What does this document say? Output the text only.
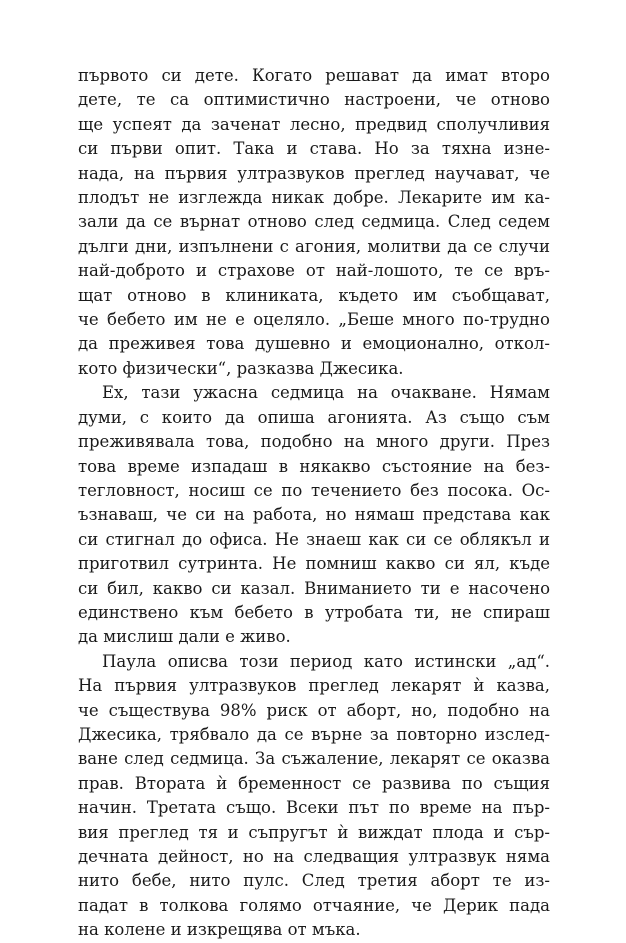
първото си дете. Когато решават да имат второ
дете, те са оптимистично настроени, че отново
ще успеят да заченат лесно, предвид сполучливия
си първи опит. Така и става. Но за тяхна изне-
нада, на първия ултразвуков преглед научават, че
плодът не изглежда никак добре. Лекарите им ка-
зали да се върнат отново след седмица. След седем
дълги дни, изпълнени с агония, молитви да се случи
най-доброто и страхове от най-лошото, те се връ-
щат отново в клиниката, където им съобщават,
че бебето им не е оцеляло. „Беше много по-трудно
да преживея това душевно и емоционално, откол-
кото физически“, разказва Джесика.
Ех, тази ужасна седмица на очакване. Нямам
думи, с които да опиша агонията. Аз също съм
преживявала това, подобно на много други. През
това време изпадаш в някакво състояние на без-
тегловност, носиш се по течението без посока. Ос-
ъзнаваш, че си на работа, но нямаш представа как
си стигнал до офиса. Не знаеш как си се облякъл и
приготвил сутринта. Не помниш какво си ял, къде
си бил, какво си казал. Вниманието ти е насочено
единствено към бебето в утробата ти, не спираш
да мислиш дали е живо.
Паула описва този период като истински „ад“.
На първия ултразвуков преглед лекарят ѝ казва,
че съществува 98% риск от аборт, но, подобно на
Джесика, трябвало да се върне за повторно изслед-
ване след седмица. За съжаление, лекарят се оказва
прав. Втората ѝ бременност се развива по същия
начин. Третата също. Всеки път по време на пър-
вия преглед тя и съпругът ѝ виждат плода и сър-
дечната дейност, но на следващия ултразвук няма
нито бебе, нито пулс. След третия аборт те из-
падат в толкова голямо отчаяние, че Дерик пада
на колене и изкрещява от мъка.
